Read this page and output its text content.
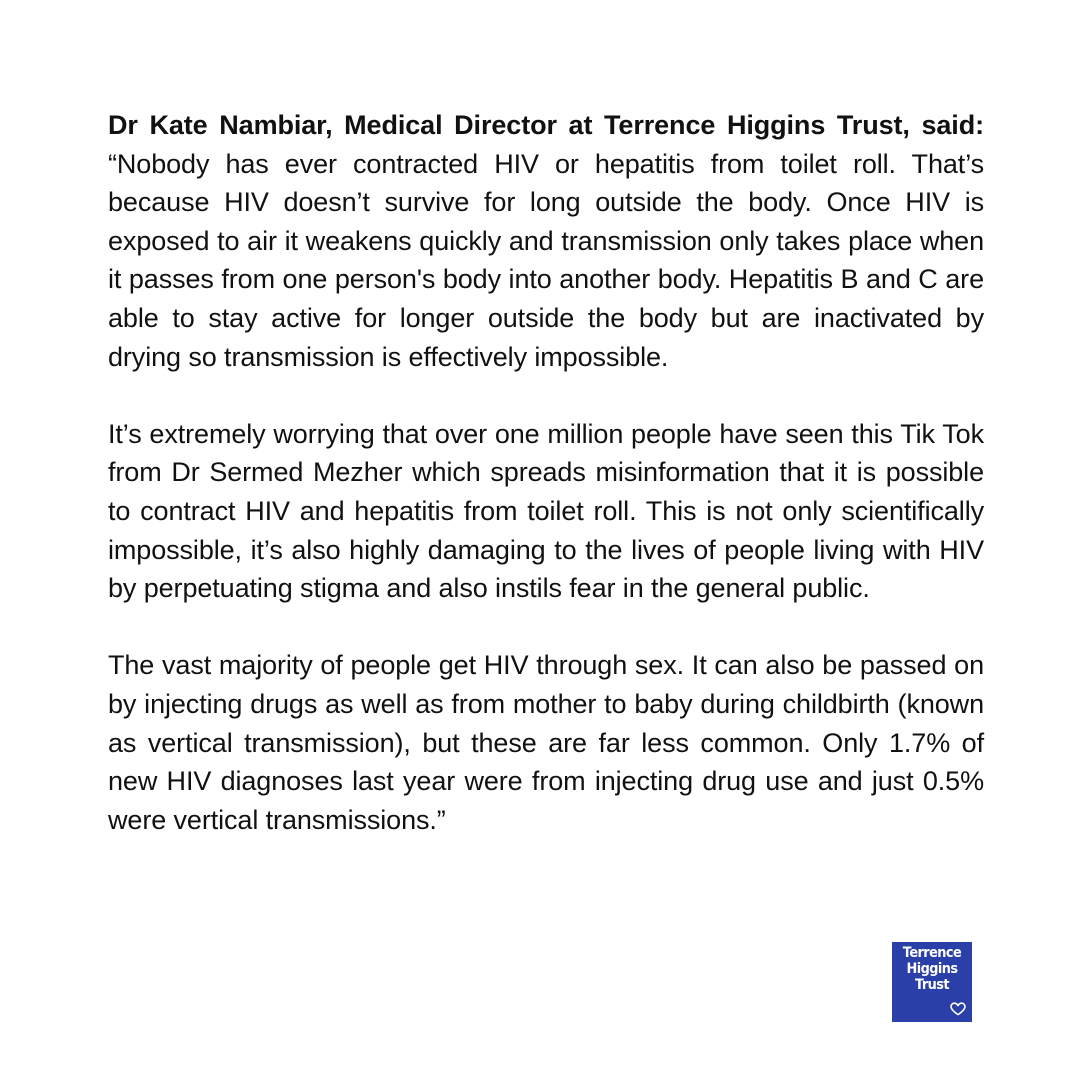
Dr Kate Nambiar, Medical Director at Terrence Higgins Trust, said: “Nobody has ever contracted HIV or hepatitis from toilet roll. That’s because HIV doesn’t survive for long outside the body. Once HIV is exposed to air it weakens quickly and transmission only takes place when it passes from one person's body into another body. Hepatitis B and C are able to stay active for longer outside the body but are inactivated by drying so transmission is effectively impossible.

It’s extremely worrying that over one million people have seen this Tik Tok from Dr Sermed Mezher which spreads misinformation that it is possible to contract HIV and hepatitis from toilet roll. This is not only scientifically impossible, it’s also highly damaging to the lives of people living with HIV by perpetuating stigma and also instils fear in the general public.

The vast majority of people get HIV through sex. It can also be passed on by injecting drugs as well as from mother to baby during childbirth (known as vertical transmission), but these are far less common. Only 1.7% of new HIV diagnoses last year were from injecting drug use and just 0.5% were vertical transmissions.”

Terrence
Higgins
Trust
